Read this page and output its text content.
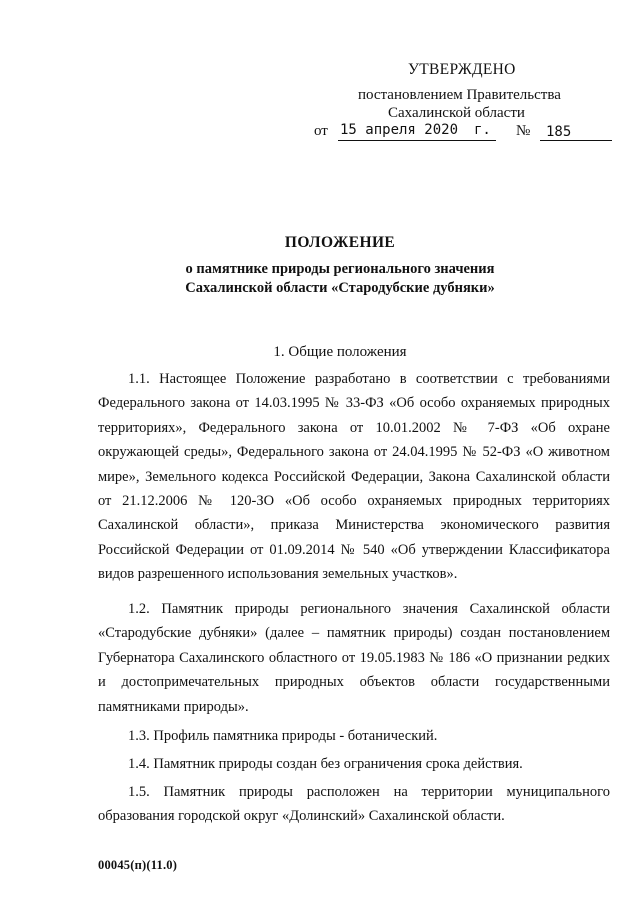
УТВЕРЖДЕНО
постановлением Правительства
Сахалинской области
от 15 апреля 2020 г. № 185
ПОЛОЖЕНИЕ
о памятнике природы регионального значения
Сахалинской области «Стародубские дубняки»
1. Общие положения

1.1. Настоящее Положение разработано в соответствии с требованиями Федерального закона от 14.03.1995 № 33-ФЗ «Об особо охраняемых природных территориях», Федерального закона от 10.01.2002 № 7-ФЗ «Об охране окружающей среды», Федерального закона от 24.04.1995 № 52-ФЗ «О животном мире», Земельного кодекса Российской Федерации, Закона Сахалинской области от 21.12.2006 № 120-ЗО «Об особо охраняемых природных территориях Сахалинской области», приказа Министерства экономического развития Российской Федерации от 01.09.2014 № 540 «Об утверждении Классификатора видов разрешенного использования земельных участков».

1.2. Памятник природы регионального значения Сахалинской области «Стародубские дубняки» (далее – памятник природы) создан постановлением Губернатора Сахалинского областного от 19.05.1983 № 186 «О признании редких и достопримечательных природных объектов области государственными памятниками природы».

1.3. Профиль памятника природы - ботанический.

1.4. Памятник природы создан без ограничения срока действия.

1.5. Памятник природы расположен на территории муниципального образования городской округ «Долинский» Сахалинской области.

00045(п)(11.0)
